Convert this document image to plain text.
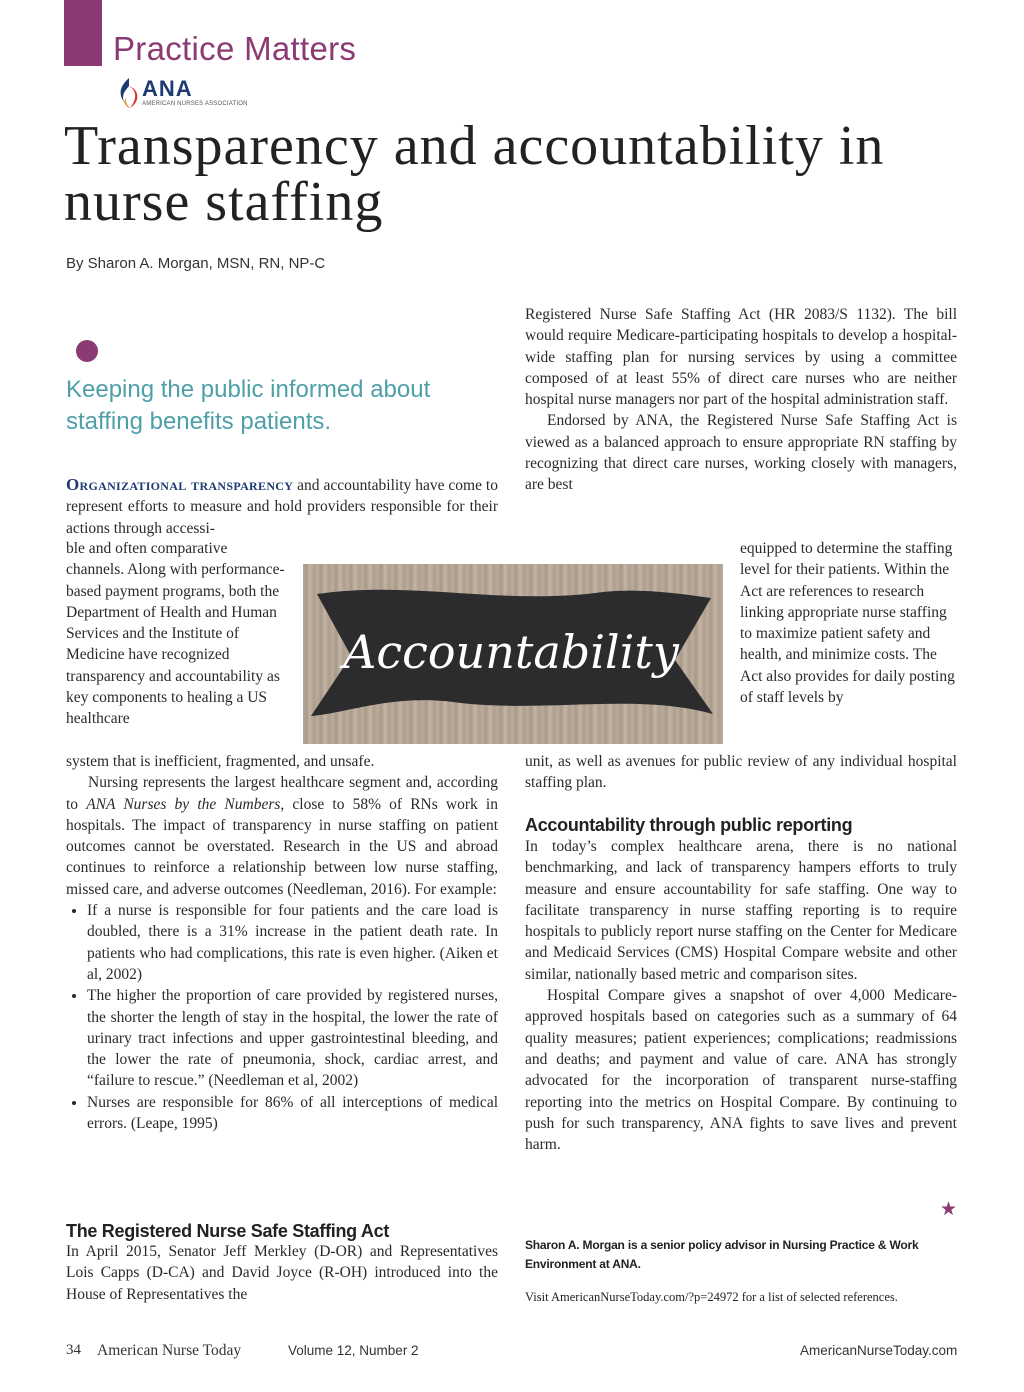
Practice Matters
ANA
AMERICAN NURSES ASSOCIATION
Transparency and accountability in nurse staffing
By Sharon A. Morgan, MSN, RN, NP-C
Keeping the public informed about staffing benefits patients.
Organizational transparency and accountability have come to represent efforts to measure and hold providers responsible for their actions through accessi-
ble and often comparative channels. Along with performance-based payment programs, both the Department of Health and Human Services and the Institute of Medicine have recognized transparency and accountability as key components to healing a US healthcare
Accountability

system that is inefficient, fragmented, and unsafe.

Nursing represents the largest healthcare segment and, according to ANA Nurses by the Numbers, close to 58% of RNs work in hospitals. The impact of transparency in nurse staffing on patient outcomes cannot be overstated. Research in the US and abroad continues to reinforce a relationship between low nurse staffing, missed care, and adverse outcomes (Needleman, 2016). For example:

• If a nurse is responsible for four patients and the care load is doubled, there is a 31% increase in the patient death rate. In patients who had complications, this rate is even higher. (Aiken et al, 2002)
• The higher the proportion of care provided by registered nurses, the shorter the length of stay in the hospital, the lower the rate of urinary tract infections and upper gastrointestinal bleeding, and the lower the rate of pneumonia, shock, cardiac arrest, and “failure to rescue.” (Needleman et al, 2002)
• Nurses are responsible for 86% of all interceptions of medical errors. (Leape, 1995)
The Registered Nurse Safe Staffing Act
In April 2015, Senator Jeff Merkley (D-OR) and Representatives Lois Capps (D-CA) and David Joyce (R-OH) introduced into the House of Representatives the

Registered Nurse Safe Staffing Act (HR 2083/S 1132). The bill would require Medicare-participating hospitals to develop a hospital-wide staffing plan for nursing services by using a committee composed of at least 55% of direct care nurses who are neither hospital nurse managers nor part of the hospital administration staff.

Endorsed by ANA, the Registered Nurse Safe Staffing Act is viewed as a balanced approach to ensure appropriate RN staffing by recognizing that direct care nurses, working closely with managers, are best

equipped to determine the staffing level for their patients. Within the Act are references to research linking appropriate nurse staffing to maximize patient safety and health, and minimize costs. The Act also provides for daily posting of staff levels by
unit, as well as avenues for public review of any individual hospital staffing plan.
Accountability through public reporting

In today’s complex healthcare arena, there is no national benchmarking, and lack of transparency hampers efforts to truly measure and ensure accountability for safe staffing. One way to facilitate transparency in nurse staffing reporting is to require hospitals to publicly report nurse staffing on the Center for Medicare and Medicaid Services (CMS) Hospital Compare website and other similar, nationally based metric and comparison sites.

Hospital Compare gives a snapshot of over 4,000 Medicare-approved hospitals based on categories such as a summary of 64 quality measures; patient experiences; complications; readmissions and deaths; and payment and value of care. ANA has strongly advocated for the incorporation of transparent nurse-staffing reporting into the metrics on Hospital Compare. By continuing to push for such transparency, ANA fights to save lives and prevent harm.

★
Sharon A. Morgan is a senior policy advisor in Nursing Practice & Work Environment at ANA.
Visit AmericanNurseToday.com/?p=24972 for a list of selected references.
34 American Nurse Today	Volume 12, Number 2	AmericanNurseToday.com
